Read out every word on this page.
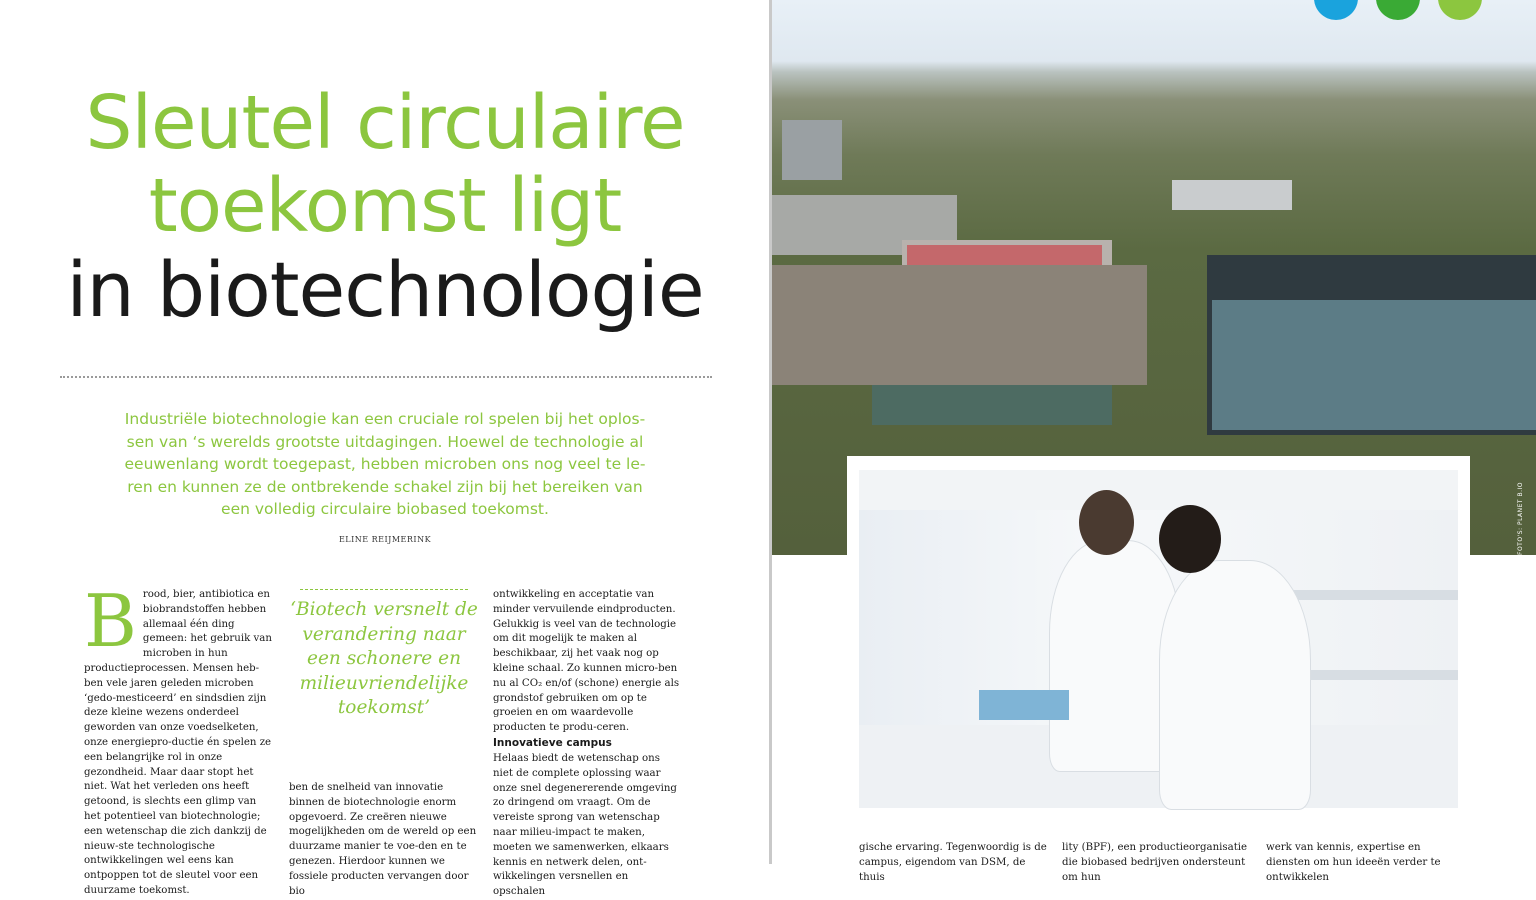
Sleutel circulaire
toekomst ligt
in biotechnologie

Industriële biotechnologie kan een cruciale rol spelen bij het oplos-sen van ‘s werelds grootste uitdagingen. Hoewel de technologie al eeuwenlang wordt toegepast, hebben microben ons nog veel te le-ren en kunnen ze de ontbrekende schakel zijn bij het bereiken van een volledig circulaire biobased toekomst.

ELINE REIJMERINK

Brood, bier, antibiotica en biobrandstoffen hebben allemaal één ding gemeen: het gebruik van microben in hun productieprocessen. Mensen heb-ben vele jaren geleden microben ‘gedo-mesticeerd’ en sindsdien zijn deze kleine wezens onderdeel geworden van onze voedselketen, onze energiepro-ductie én spelen ze een belangrijke rol in onze gezondheid. Maar daar stopt het niet. Wat het verleden ons heeft getoond, is slechts een glimp van het potentieel van biotechnologie; een wetenschap die zich dankzij de nieuw-ste technologische ontwikkelingen wel eens kan ontpoppen tot de sleutel voor een duurzame toekomst.

‘Biotech versnelt de verandering naar een schonere en milieuvriendelijke toekomst’

ben de snelheid van innovatie binnen de biotechnologie enorm opgevoerd. Ze creëren nieuwe mogelijkheden om de wereld op een duurzame manier te voe-den en te genezen. Hierdoor kunnen we fossiele producten vervangen door bio

ontwikkeling en acceptatie van minder vervuilende eindproducten. Gelukkig is veel van de technologie om dit mogelijk te maken al beschikbaar, zij het vaak nog op kleine schaal. Zo kunnen micro-ben nu al CO₂ en/of (schone) energie als grondstof gebruiken om op te groeien en om waardevolle producten te produ-ceren.

Innovatieve campus

Helaas biedt de wetenschap ons niet de complete oplossing waar onze snel degenererende omgeving zo dringend om vraagt. Om de vereiste sprong van wetenschap naar milieu-impact te maken, moeten we samenwerken, elkaars kennis en netwerk delen, ont-wikkelingen versnellen en opschalen

FOTO'S: PLANET B.IO

gische ervaring. Tegenwoordig is de campus, eigendom van DSM, de thuis

lity (BPF), een productieorganisatie die biobased bedrijven ondersteunt om hun

werk van kennis, expertise en diensten om hun ideeën verder te ontwikkelen
